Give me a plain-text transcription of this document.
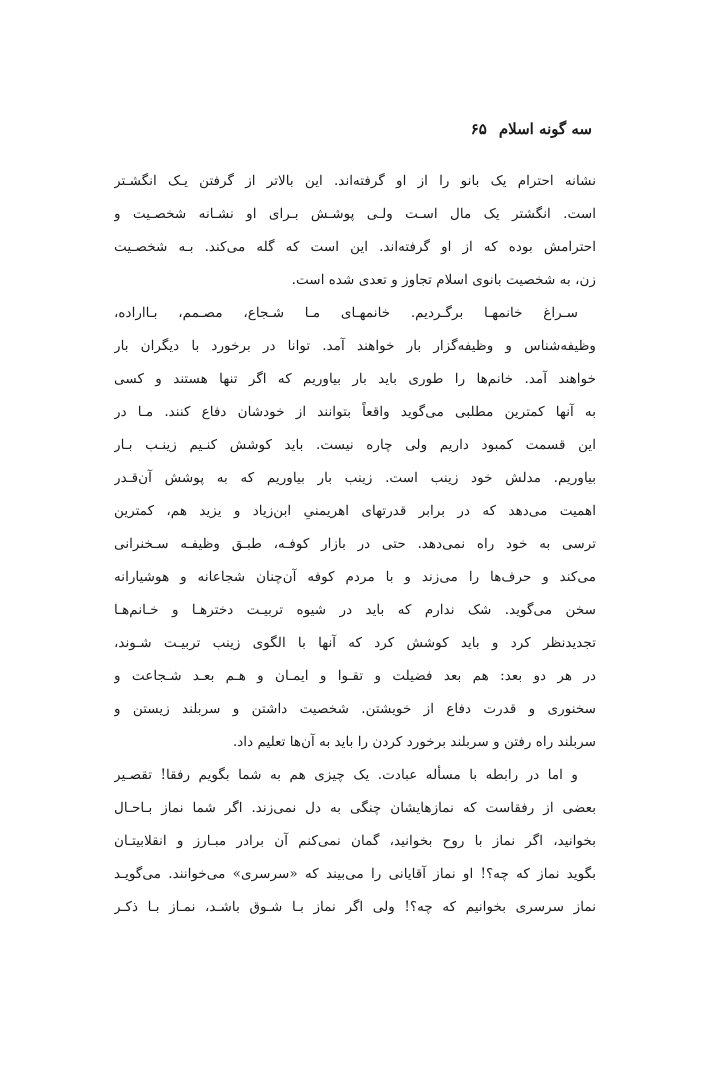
سه گونه اسلام
۶۵
نشانه احترام یک بانو را از او گرفته‌اند. این بالاتر از گرفتن یـک انگشـتر
است. انگشتر یک مال اسـت ولـی پوشـش بـرای او نشـانه شخصـیت و
احترامش بوده که از او گرفته‌اند. این است که گله می‌کند. بـه شخصـیت
زن، به شخصیت بانوی اسلام تجاوز و تعدی شده است.
سـراغ خانمهـا برگـردیم. خانمهـای مـا شـجاع، مصـمم، بـااراده،
وظیفه‌شناس و وظیفه‌گزار بار خواهند آمد. توانا در برخورد با دیگران بار
خواهند آمد. خانم‌ها را طوری باید بار بیاوریم که اگر تنها هستند و کسی
به آنها کمترین مطلبی می‌گوید واقعاً بتوانند از خودشان دفاع کنند. مـا در
این قسمت کمبود داریم ولی چاره نیست. باید کوشش کنـیم زینـب بـار
بیاوریم. مدلش خود زینب است. زینب بار بیاوریم که به پوشش آن‌قـدر
اهمیت می‌دهد که در برابر قدرتهای اهریمنیِ ابن‌زیاد و یزید هم، کمترین
ترسی به خود راه نمی‌دهد. حتی در بازار کوفـه، طبـق وظیفـه سـخنرانی
می‌کند و حرف‌ها را می‌زند و با مردم کوفه آن‌چنان شجاعانه و هوشیارانه
سخن می‌گوید. شک ندارم که باید در شیوه تربیـت دخترهـا و خـانم‌هـا
تجدیدنظر کرد و باید کوشش کرد که آنها با الگوی زینب تربیـت شـوند،
در هر دو بعد: هم بعد فضیلت و تقـوا و ایمـان و هـم بعـد شـجاعت و
سخنوری و قدرت دفاع از خویشتن. شخصیت داشتن و سربلند زیستن و
سربلند راه رفتن و سربلند برخورد کردن را باید به آن‌ها تعلیم داد.
و اما در رابطه با مسأله عبادت. یک چیزی هم به شما بگویم رفقا! تقصـیر
بعضی از رفقاست که نمازهایشان چنگی به دل نمی‌زند. اگر شما نماز بـاحـال
بخوانید، اگر نماز با روح بخوانید، گمان نمی‌کنم آن برادر مبـارز و انقلابیتـان
بگوید نماز که چه؟! او نماز آقایانی را می‌بیند که «سرسری» می‌خوانند. می‌گویـد
نماز سرسری بخوانیم که چه؟! ولی اگر نماز بـا شـوق باشـد، نمـاز بـا ذکـر
